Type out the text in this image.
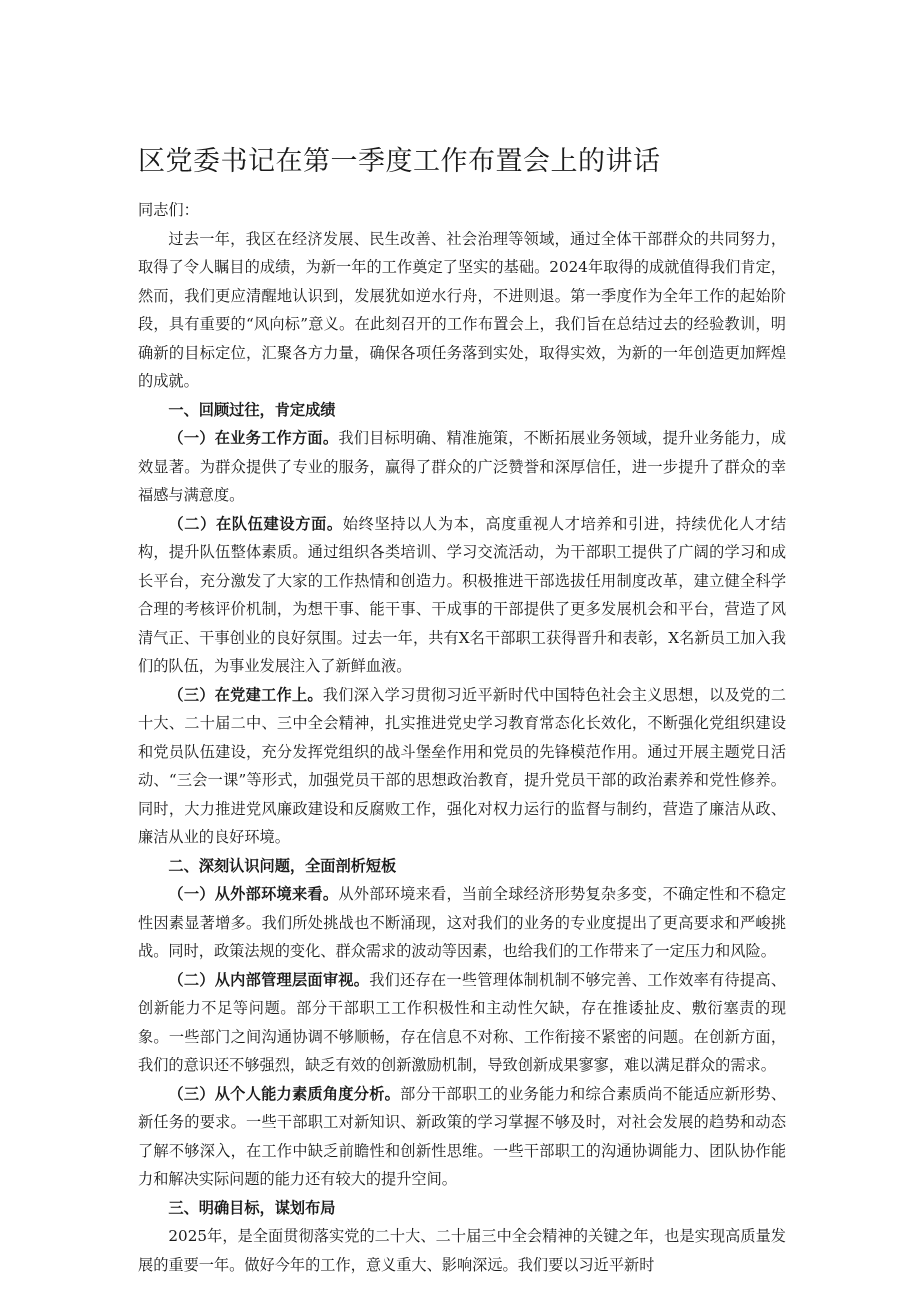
区党委书记在第一季度工作布置会上的讲话

同志们：

过去一年，我区在经济发展、民生改善、社会治理等领域，通过全体干部群众的共同努力，取得了令人瞩目的成绩，为新一年的工作奠定了坚实的基础。2024年取得的成就值得我们肯定，然而，我们更应清醒地认识到，发展犹如逆水行舟，不进则退。第一季度作为全年工作的起始阶段，具有重要的“风向标”意义。在此刻召开的工作布置会上，我们旨在总结过去的经验教训，明确新的目标定位，汇聚各方力量，确保各项任务落到实处，取得实效，为新的一年创造更加辉煌的成就。

一、回顾过往，肯定成绩

（一）在业务工作方面。我们目标明确、精准施策，不断拓展业务领域，提升业务能力，成效显著。为群众提供了专业的服务，赢得了群众的广泛赞誉和深厚信任，进一步提升了群众的幸福感与满意度。

（二）在队伍建设方面。始终坚持以人为本，高度重视人才培养和引进，持续优化人才结构，提升队伍整体素质。通过组织各类培训、学习交流活动，为干部职工提供了广阔的学习和成长平台，充分激发了大家的工作热情和创造力。积极推进干部选拔任用制度改革，建立健全科学合理的考核评价机制，为想干事、能干事、干成事的干部提供了更多发展机会和平台，营造了风清气正、干事创业的良好氛围。过去一年，共有X名干部职工获得晋升和表彰，X名新员工加入我们的队伍，为事业发展注入了新鲜血液。

（三）在党建工作上。我们深入学习贯彻习近平新时代中国特色社会主义思想，以及党的二十大、二十届二中、三中全会精神，扎实推进党史学习教育常态化长效化，不断强化党组织建设和党员队伍建设，充分发挥党组织的战斗堡垒作用和党员的先锋模范作用。通过开展主题党日活动、“三会一课”等形式，加强党员干部的思想政治教育，提升党员干部的政治素养和党性修养。同时，大力推进党风廉政建设和反腐败工作，强化对权力运行的监督与制约，营造了廉洁从政、廉洁从业的良好环境。

二、深刻认识问题，全面剖析短板

（一）从外部环境来看。从外部环境来看，当前全球经济形势复杂多变，不确定性和不稳定性因素显著增多。我们所处挑战也不断涌现，这对我们的业务的专业度提出了更高要求和严峻挑战。同时，政策法规的变化、群众需求的波动等因素，也给我们的工作带来了一定压力和风险。

（二）从内部管理层面审视。我们还存在一些管理体制机制不够完善、工作效率有待提高、创新能力不足等问题。部分干部职工工作积极性和主动性欠缺，存在推诿扯皮、敷衍塞责的现象。一些部门之间沟通协调不够顺畅，存在信息不对称、工作衔接不紧密的问题。在创新方面，我们的意识还不够强烈，缺乏有效的创新激励机制，导致创新成果寥寥，难以满足群众的需求。

（三）从个人能力素质角度分析。部分干部职工的业务能力和综合素质尚不能适应新形势、新任务的要求。一些干部职工对新知识、新政策的学习掌握不够及时，对社会发展的趋势和动态了解不够深入，在工作中缺乏前瞻性和创新性思维。一些干部职工的沟通协调能力、团队协作能力和解决实际问题的能力还有较大的提升空间。

三、明确目标，谋划布局

2025年，是全面贯彻落实党的二十大、二十届三中全会精神的关键之年，也是实现高质量发展的重要一年。做好今年的工作，意义重大、影响深远。我们要以习近平新时
